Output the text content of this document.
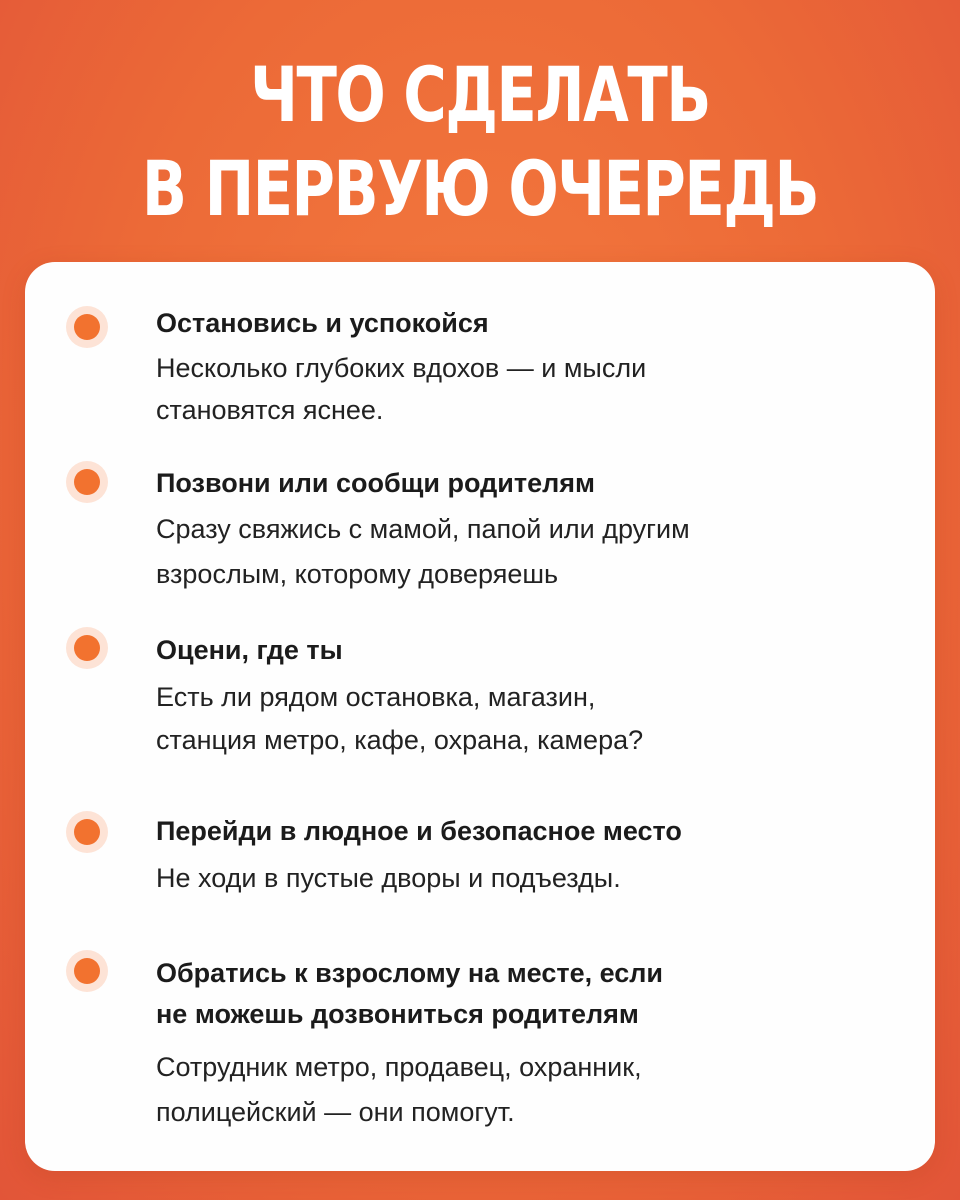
ЧТО СДЕЛАТЬ
В ПЕРВУЮ ОЧЕРЕДЬ
Остановись и успокойся
Несколько глубоких вдохов — и мысли
становятся яснее.
Позвони или сообщи родителям
Сразу свяжись с мамой, папой или другим
взрослым, которому доверяешь
Оцени, где ты
Есть ли рядом остановка, магазин,
станция метро, кафе, охрана, камера?
Перейди в людное и безопасное место
Не ходи в пустые дворы и подъезды.
Обратись к взрослому на месте, если
не можешь дозвониться родителям
Сотрудник метро, продавец, охранник,
полицейский — они помогут.
